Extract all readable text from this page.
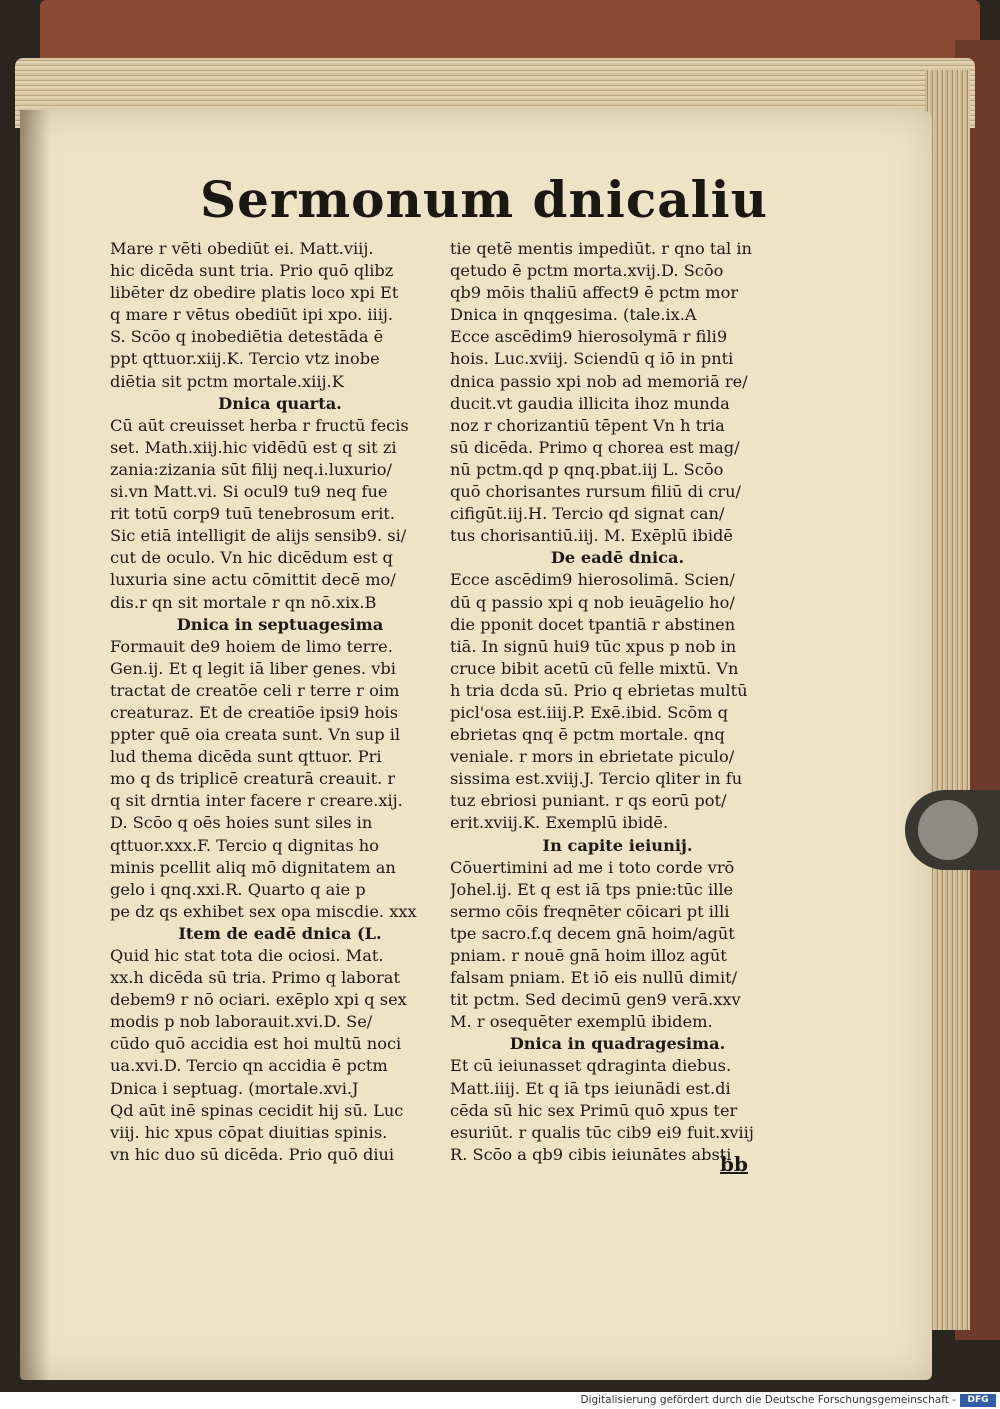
Sermonum dnicaliu
Mare r vēti obediūt ei. Matt.viij.
hic dicēda sunt tria. Prio quō qlibz
libēter dz obedire platis loco xpi Et
q mare r vētus obediūt ipi xpo. iiij.
S. Scōo q inobediētia detestāda ē
ppt qttuor.xiij.K. Tercio vtz inobe
diētia sit pctm mortale.xiij.K
Dnica quarta.
Cū aūt creuisset herba r fructū fecis
set. Math.xiij.hic vidēdū est q sit zi
zania:zizania sūt filij neq.i.luxurio/
si.vn Matt.vi. Si ocul9 tu9 neq fue
rit totū corp9 tuū tenebrosum erit.
Sic etiā intelligit de alijs sensib9. si/
cut de oculo. Vn hic dicēdum est q
luxuria sine actu cōmittit decē mo/
dis.r qn sit mortale r qn nō.xix.B
Dnica in septuagesima
Formauit de9 hoiem de limo terre.
Gen.ij. Et q legit iā liber genes. vbi
tractat de creatōe celi r terre r oim
creaturaz. Et de creatiōe ipsi9 hois
ppter quē oia creata sunt. Vn sup il
lud thema dicēda sunt qttuor. Pri
mo q ds triplicē creaturā creauit. r
q sit drntia inter facere r creare.xij.
D. Scōo q oēs hoies sunt siles in
qttuor.xxx.F. Tercio q dignitas ho
minis pcellit aliq mō dignitatem an
gelo i qnq.xxi.R. Quarto q aie p
pe dz qs exhibet sex opa miscdie. xxx
Item de eadē dnica (L.
Quid hic stat tota die ociosi. Mat.
xx.h dicēda sū tria. Primo q laborat
debem9 r nō ociari. exēplo xpi q sex
modis p nob laborauit.xvi.D. Se/
cūdo quō accidia est hoi multū noci
ua.xvi.D. Tercio qn accidia ē pctm
Dnica i septuag. (mortale.xvi.J
Qd aūt inē spinas cecidit hij sū. Luc
viij. hic xpus cōpat diuitias spinis.
vn hic duo sū dicēda. Prio quō diui
tie qetē mentis impediūt. r qno tal in
qetudo ē pctm morta.xvij.D. Scōo
qb9 mōis thaliū affect9 ē pctm mor
Dnica in qnqgesima. (tale.ix.A
Ecce ascēdim9 hierosolymā r fili9
hois. Luc.xviij. Sciendū q iō in pnti
dnica passio xpi nob ad memoriā re/
ducit.vt gaudia illicita ihoz munda
noz r chorizantiū tēpent Vn h tria
sū dicēda. Primo q chorea est mag/
nū pctm.qd p qnq.pbat.iij L. Scōo
quō chorisantes rursum filiū di cru/
cifigūt.iij.H. Tercio qd signat can/
tus chorisantiū.iij. M. Exēplū ibidē
De eadē dnica.
Ecce ascēdim9 hierosolimā. Scien/
dū q passio xpi q nob ieuāgelio ho/
die pponit docet tpantiā r abstinen
tiā. In signū hui9 tūc xpus p nob in
cruce bibit acetū cū felle mixtū. Vn
h tria dcda sū. Prio q ebrietas multū
picl'osa est.iiij.P. Exē.ibid. Scōm q
ebrietas qnq ē pctm mortale. qnq
veniale. r mors in ebrietate piculo/
sissima est.xviij.J. Tercio qliter in fu
tuz ebriosi puniant. r qs eorū pot/
erit.xviij.K. Exemplū ibidē.
In capite ieiunij.
Cōuertimini ad me i toto corde vrō
Johel.ij. Et q est iā tps pnie:tūc ille
sermo cōis freqnēter cōicari pt illi
tpe sacro.f.q decem gnā hoim/agūt
pniam. r nouē gnā hoim illoz agūt
falsam pniam. Et iō eis nullū dimit/
tit pctm. Sed decimū gen9 verā.xxv
M. r osequēter exemplū ibidem.
Dnica in quadragesima.
Et cū ieiunasset qdraginta diebus.
Matt.iiij. Et q iā tps ieiunādi est.di
cēda sū hic sex Primū quō xpus ter
esuriūt. r qualis tūc cib9 ei9 fuit.xviij
R. Scōo a qb9 cibis ieiunātes absti
bb
Digitalisierung gefördert durch die Deutsche Forschungsgemeinschaft -	DFG
